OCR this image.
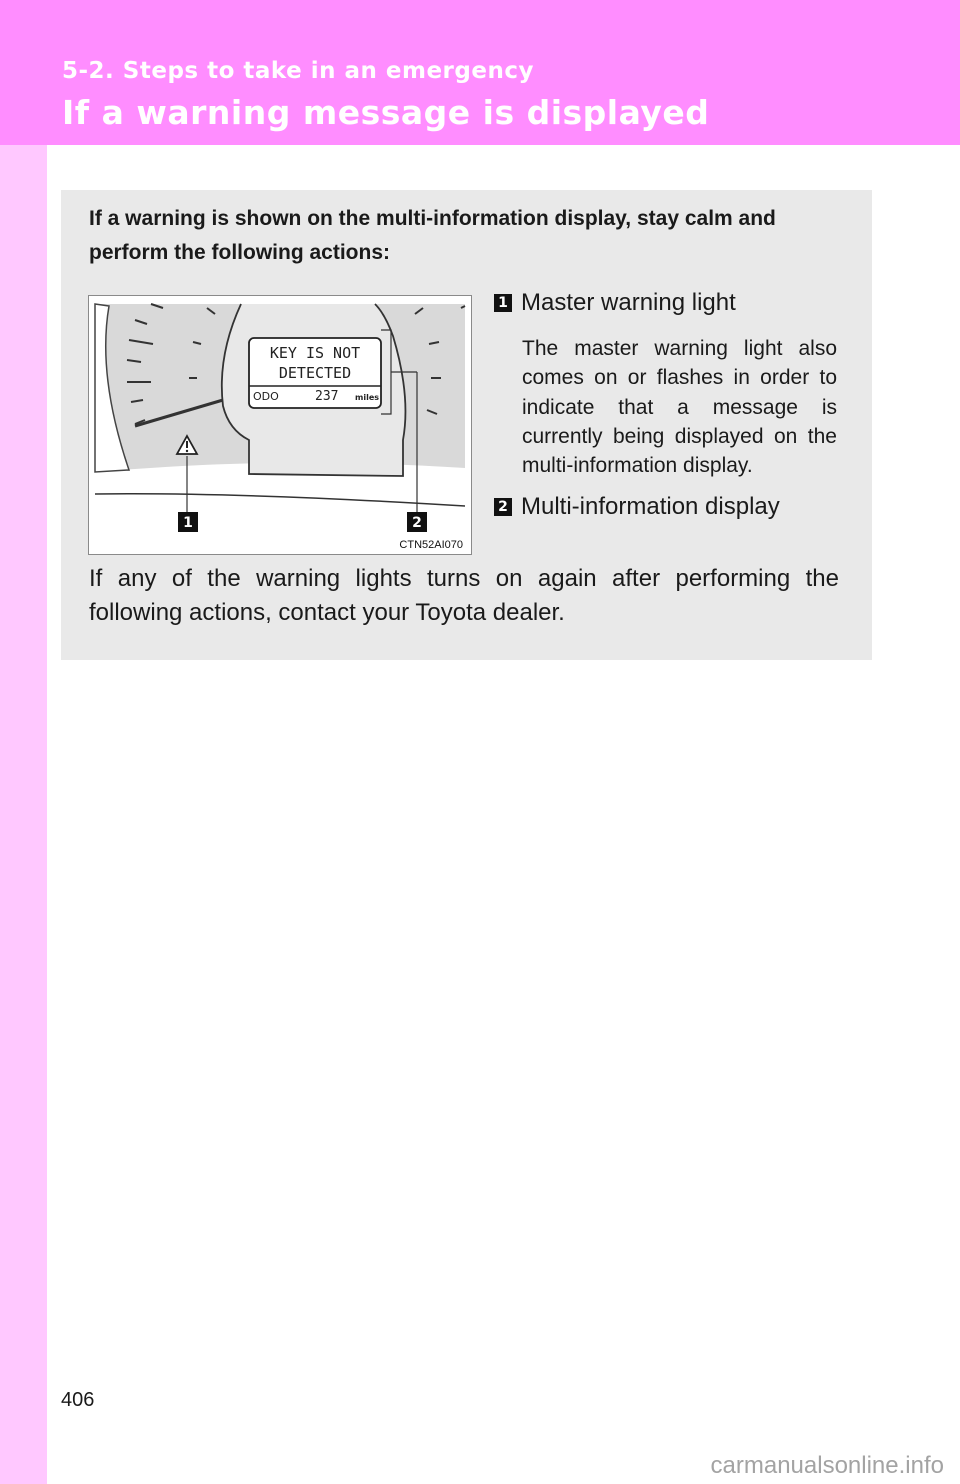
5-2. Steps to take in an emergency
If a warning message is displayed
If a warning is shown on the multi-information display, stay calm and perform the following actions:
KEY IS NOT
DETECTED
ODO	237 miles
1	2
CTN52AI070
1 Master warning light
The master warning light also comes on or flashes in order to indicate that a message is currently being displayed on the multi-information display.
2 Multi-information display
If any of the warning lights turns on again after performing the following actions, contact your Toyota dealer.
406
carmanualsonline.info
